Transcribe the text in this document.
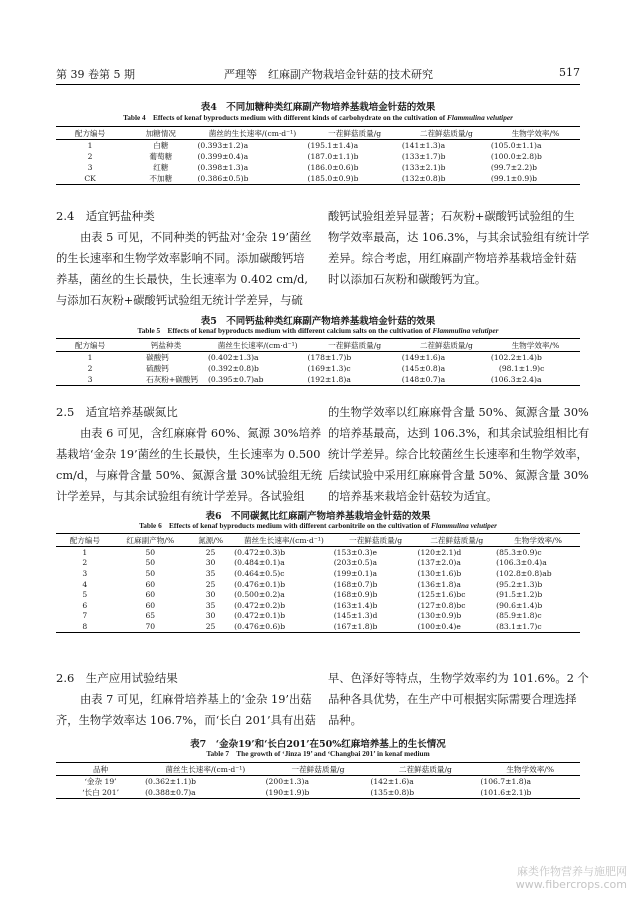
第 39 卷第 5 期	严理等　红麻副产物栽培金针菇的技术研究	517
表4　不同加糖种类红麻副产物培养基栽培金针菇的效果
Table 4　Effects of kenaf byproducts medium with different kinds of carbohydrate on the cultivation of Flammulina velutiper
配方编号	加糖情况	菌丝的生长速率/(cm·d⁻¹)	一茬鲜菇质量/g	二茬鲜菇质量/g	生物学效率/%
1	白糖	(0.393±1.2)a	(195.1±1.4)a	(141±1.3)a	(105.0±1.1)a
2	葡萄糖	(0.399±0.4)a	(187.0±1.1)b	(133±1.7)b	(100.0±2.8)b
3	红糖	(0.398±1.3)a	(186.0±0.6)b	(133±2.1)b	(99.7±2.2)b
CK	不加糖	(0.386±0.5)b	(185.0±0.9)b	(132±0.8)b	(99.1±0.9)b
2.4　适宜钙盐种类
由表 5 可见，不同种类的钙盐对‘金杂 19’菌丝
的生长速率和生物学效率影响不同。添加碳酸钙培
养基，菌丝的生长最快，生长速率为 0.402 cm/d,
与添加石灰粉+碳酸钙试验组无统计学差异，与硫
酸钙试验组差异显著；石灰粉+碳酸钙试验组的生
物学效率最高，达 106.3%，与其余试验组有统计学
差异。综合考虑，用红麻副产物培养基栽培金针菇
时以添加石灰粉和碳酸钙为宜。
表5　不同钙盐种类红麻副产物培养基栽培金针菇的效果
Table 5　Effects of kenaf byproducts medium with different calcium salts on the cultivation of Flammulina velutiper
配方编号	钙盐种类	菌丝生长速率/(cm·d⁻¹)	一茬鲜菇质量/g	二茬鲜菇质量/g	生物学效率/%
1	碳酸钙	(0.402±1.3)a	(178±1.7)b	(149±1.6)a	(102.2±1.4)b
2	硫酸钙	(0.392±0.8)b	(169±1.3)c	(145±0.8)a	(98.1±1.9)c
3	石灰粉+碳酸钙	(0.395±0.7)ab	(192±1.8)a	(148±0.7)a	(106.3±2.4)a
2.5　适宜培养基碳氮比
由表 6 可见，含红麻麻骨 60%、氮源 30%培养
基栽培‘金杂 19’菌丝的生长最快，生长速率为 0.500
cm/d，与麻骨含量 50%、氮源含量 30%试验组无统
计学差异，与其余试验组有统计学差异。各试验组
的生物学效率以红麻麻骨含量 50%、氮源含量 30%
的培养基最高，达到 106.3%，和其余试验组相比有
统计学差异。综合比较菌丝生长速率和生物学效率，
后续试验中采用红麻麻骨含量 50%、氮源含量 30%
的培养基来栽培金针菇较为适宜。
表6　不同碳氮比红麻副产物培养基栽培金针菇的效果
Table 6　Effects of kenaf byproducts medium with different carbonitrile on the cultivation of Flammulina velutiper
配方编号	红麻副产物/%	氮源/%	菌丝生长速率/(cm·d⁻¹)	一茬鲜菇质量/g	二茬鲜菇质量/g	生物学效率/%
1	50	25	(0.472±0.3)b	(153±0.3)e	(120±2.1)d	(85.3±0.9)c
2	50	30	(0.484±0.1)a	(203±0.5)a	(137±2.0)a	(106.3±0.4)a
3	50	35	(0.464±0.5)c	(199±0.1)a	(130±1.6)b	(102.8±0.8)ab
4	60	25	(0.476±0.1)b	(168±0.7)b	(136±1.8)a	(95.2±1.3)b
5	60	30	(0.500±0.2)a	(168±0.9)b	(125±1.6)bc	(91.5±1.2)b
6	60	35	(0.472±0.2)b	(163±1.4)b	(127±0.8)bc	(90.6±1.4)b
7	65	30	(0.472±0.1)b	(145±1.3)d	(130±0.9)b	(85.9±1.8)c
8	70	25	(0.476±0.6)b	(167±1.8)b	(100±0.4)e	(83.1±1.7)c
2.6　生产应用试验结果
由表 7 可见，红麻骨培养基上的‘金杂 19’出菇
齐，生物学效率达 106.7%，而‘长白 201’具有出菇
早、色泽好等特点，生物学效率约为 101.6%。2 个
品种各具优势，在生产中可根据实际需要合理选择
品种。
表7　‘金杂19’和‘长白201’在50%红麻培养基上的生长情况
Table 7　The growth of ‘Jinza 19’ and ‘Changbai 201’ in kenaf medium
品种	菌丝生长速率/(cm·d⁻¹)	一茬鲜菇质量/g	二茬鲜菇质量/g	生物学效率/%
‘金杂 19’	(0.362±1.1)b	(200±1.3)a	(142±1.6)a	(106.7±1.8)a
‘长白 201’	(0.388±0.7)a	(190±1.9)b	(135±0.8)b	(101.6±2.1)b
麻类作物营养与施肥网
www.fibercrops.com
